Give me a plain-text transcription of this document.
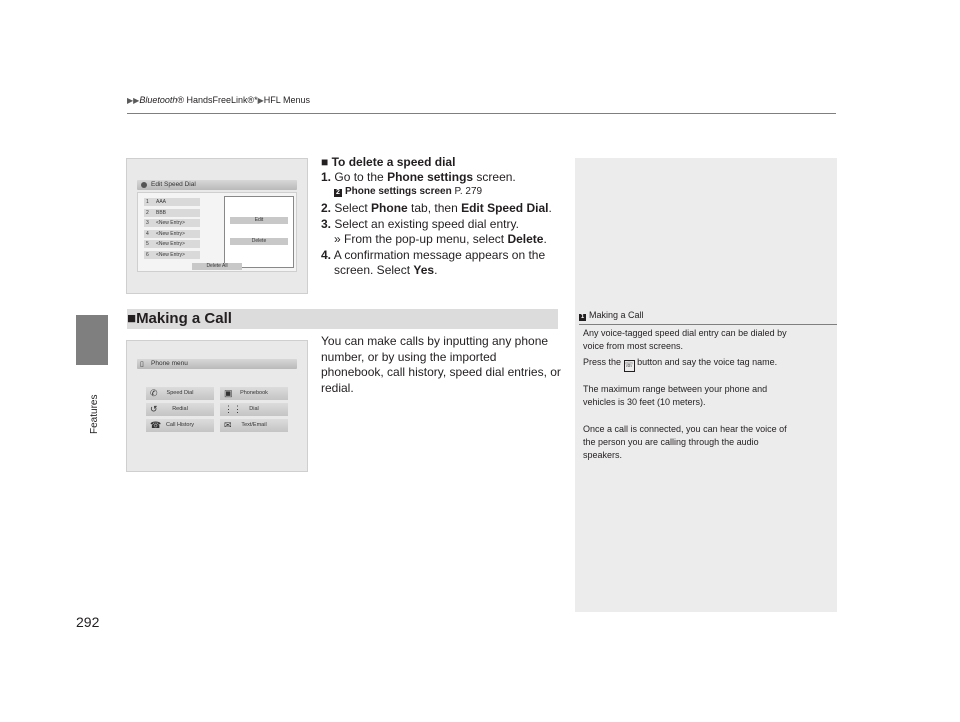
▶▶Bluetooth® HandsFreeLink®*▶HFL Menus
Features
292
Edit Speed Dial
1 AAA
2 BBB
3 <New Entry>
4 <New Entry>
5 <New Entry>
6 <New Entry>
Edit
Delete
Delete All
■ To delete a speed dial
1. Go to the Phone settings screen.
2 Phone settings screen P. 279
2. Select Phone tab, then Edit Speed Dial.
3. Select an existing speed dial entry.
» From the pop-up menu, select Delete.
4. A confirmation message appears on the
screen. Select Yes.
■Making a Call
You can make calls by inputting any phone
number, or by using the imported
phonebook, call history, speed dial entries, or
redial.
▯ Phone menu
✆ Speed Dial	▣ Phonebook
↺	Redial	⋮⋮ Dial
☎ Call History	✉ Text/Email
1 Making a Call
Any voice-tagged speed dial entry can be dialed by
voice from most screens.
Press the ☏ button and say the voice tag name.
The maximum range between your phone and
vehicles is 30 feet (10 meters).
Once a call is connected, you can hear the voice of
the person you are calling through the audio
speakers.
